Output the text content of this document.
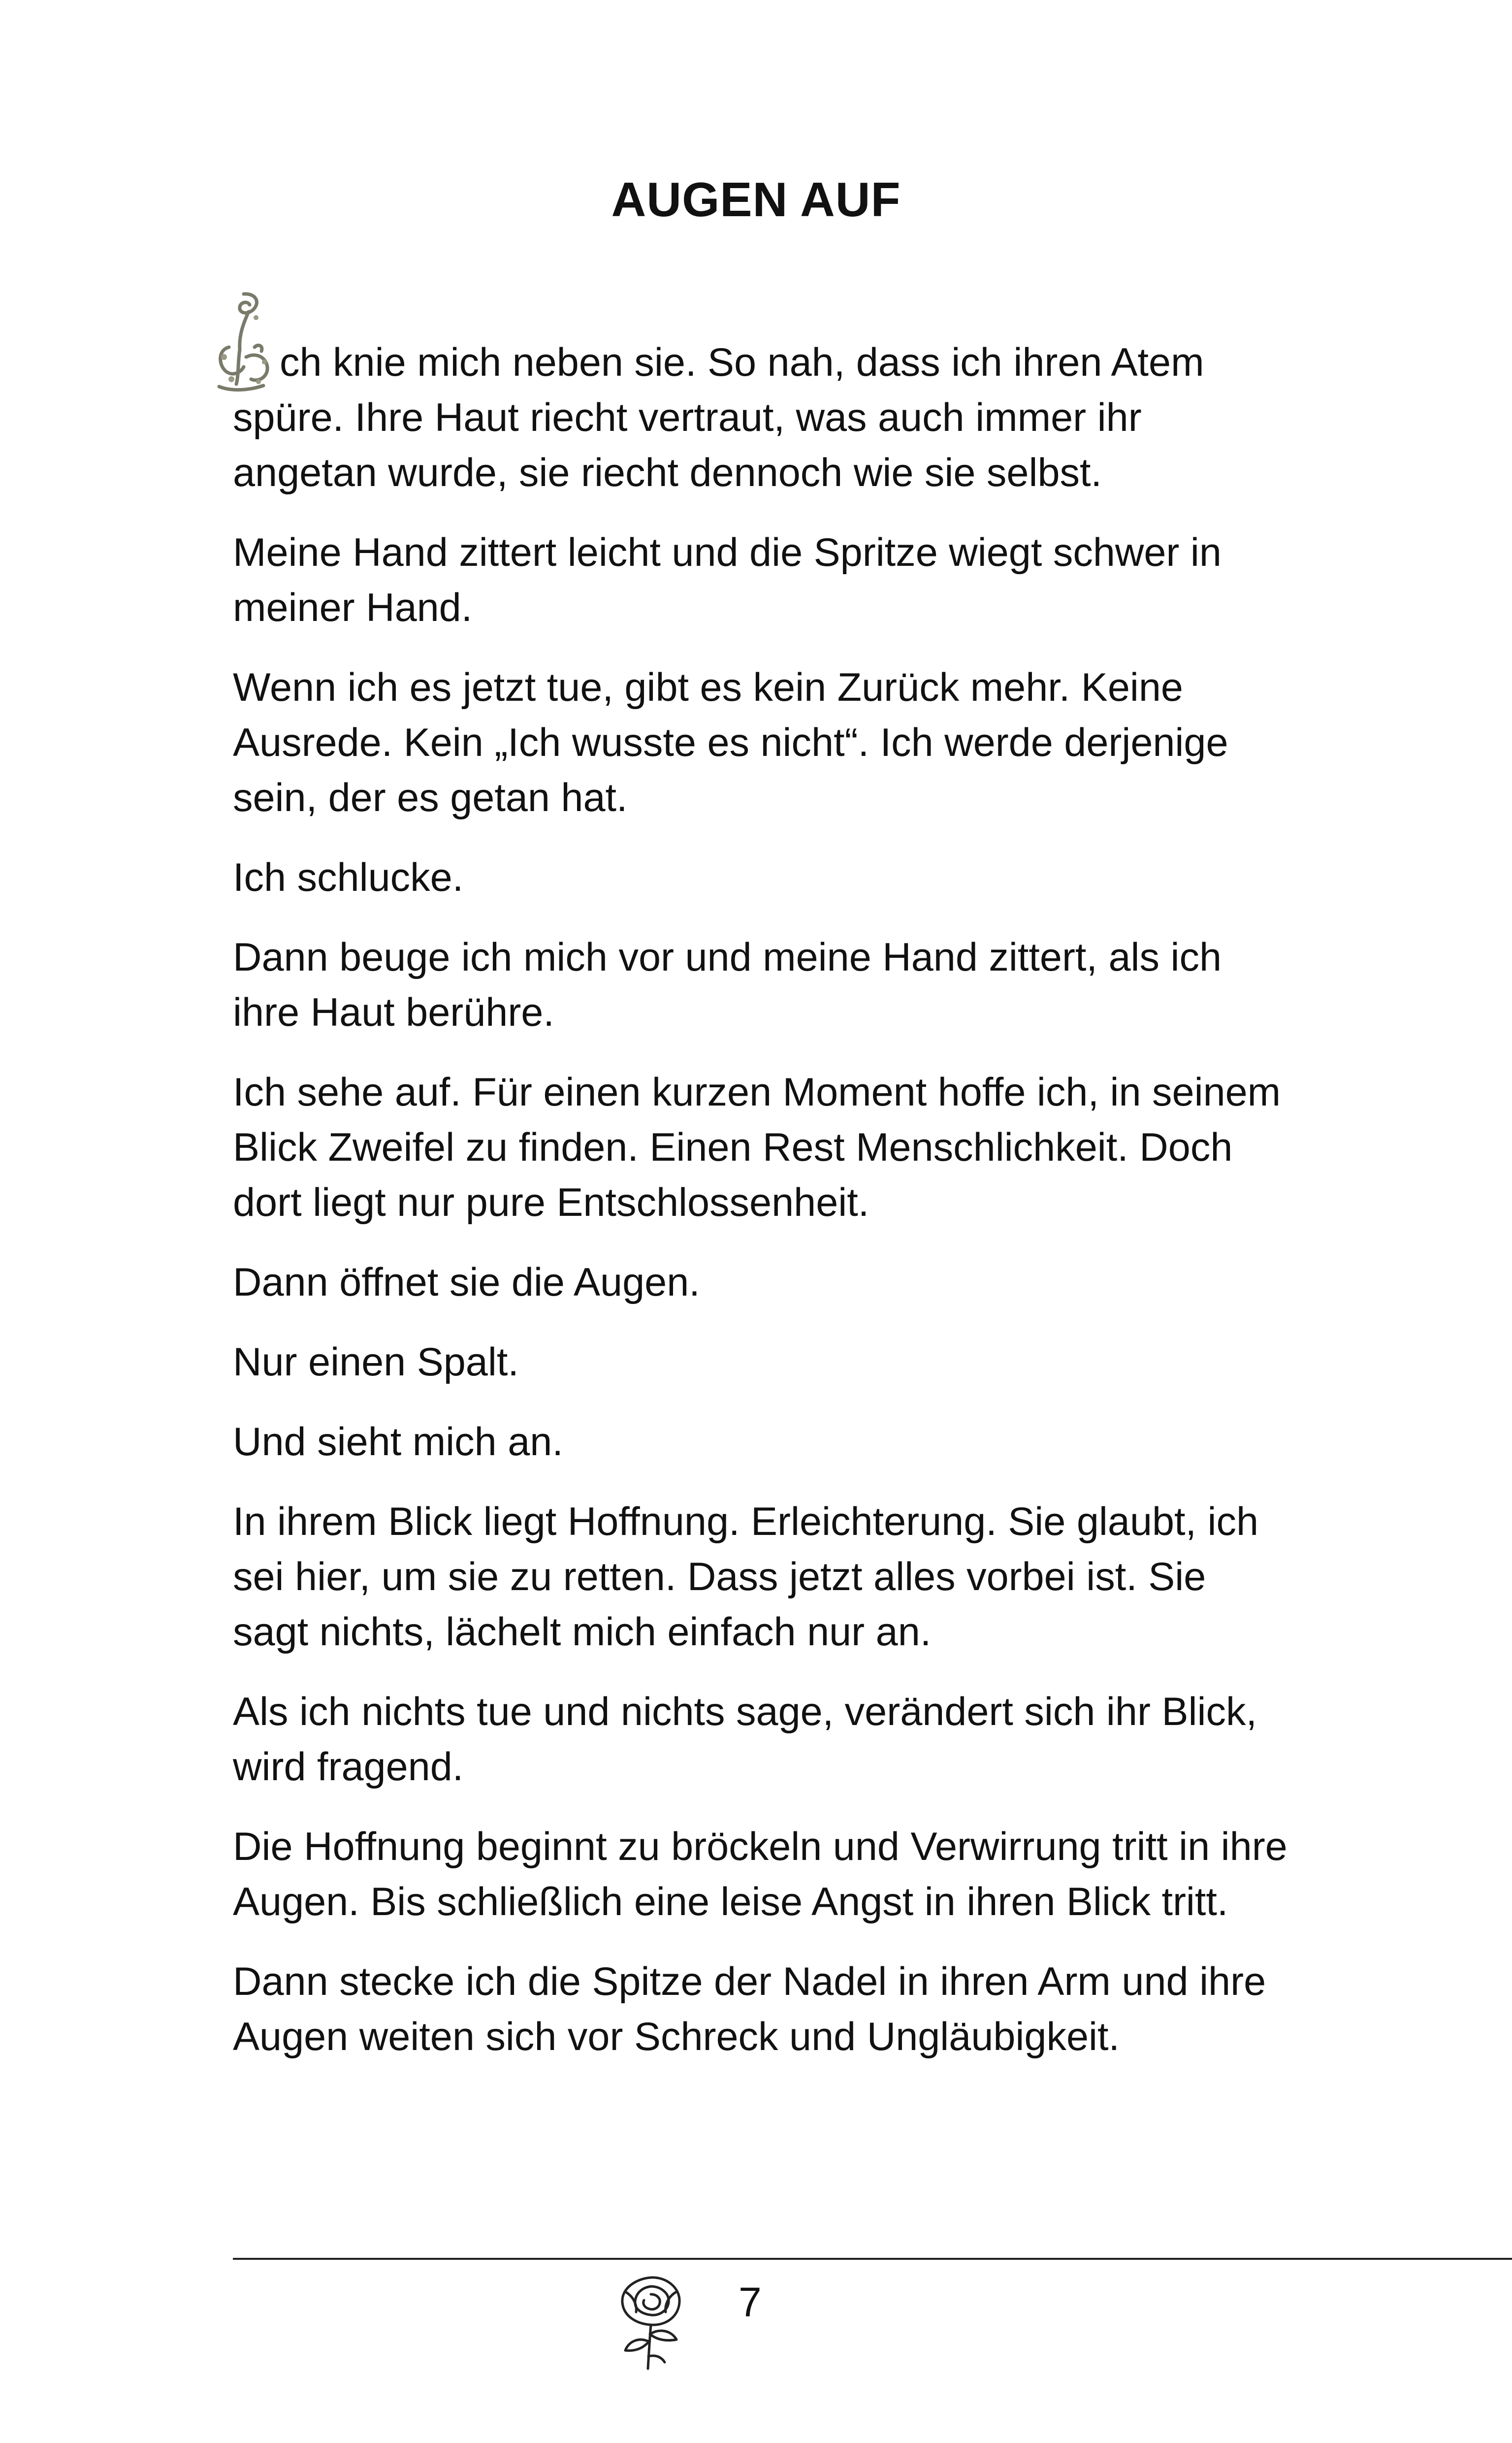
AUGEN AUF

ch knie mich neben sie. So nah, dass ich ihren Atem spüre. Ihre Haut riecht vertraut, was auch immer ihr angetan wurde, sie riecht dennoch wie sie selbst.

Meine Hand zittert leicht und die Spritze wiegt schwer in meiner Hand.

Wenn ich es jetzt tue, gibt es kein Zurück mehr. Keine Ausrede. Kein „Ich wusste es nicht“. Ich werde derjenige sein, der es getan hat.

Ich schlucke.

Dann beuge ich mich vor und meine Hand zittert, als ich ihre Haut berühre.

Ich sehe auf. Für einen kurzen Moment hoffe ich, in seinem Blick Zweifel zu finden. Einen Rest Menschlichkeit. Doch dort liegt nur pure Entschlossenheit.

Dann öffnet sie die Augen.

Nur einen Spalt.

Und sieht mich an.

In ihrem Blick liegt Hoffnung. Erleichterung. Sie glaubt, ich sei hier, um sie zu retten. Dass jetzt alles vorbei ist. Sie sagt nichts, lächelt mich einfach nur an.

Als ich nichts tue und nichts sage, verändert sich ihr Blick, wird fragend.

Die Hoffnung beginnt zu bröckeln und Verwirrung tritt in ihre Augen. Bis schließlich eine leise Angst in ihren Blick tritt.

Dann stecke ich die Spitze der Nadel in ihren Arm und ihre Augen weiten sich vor Schreck und Ungläubigkeit.

7
